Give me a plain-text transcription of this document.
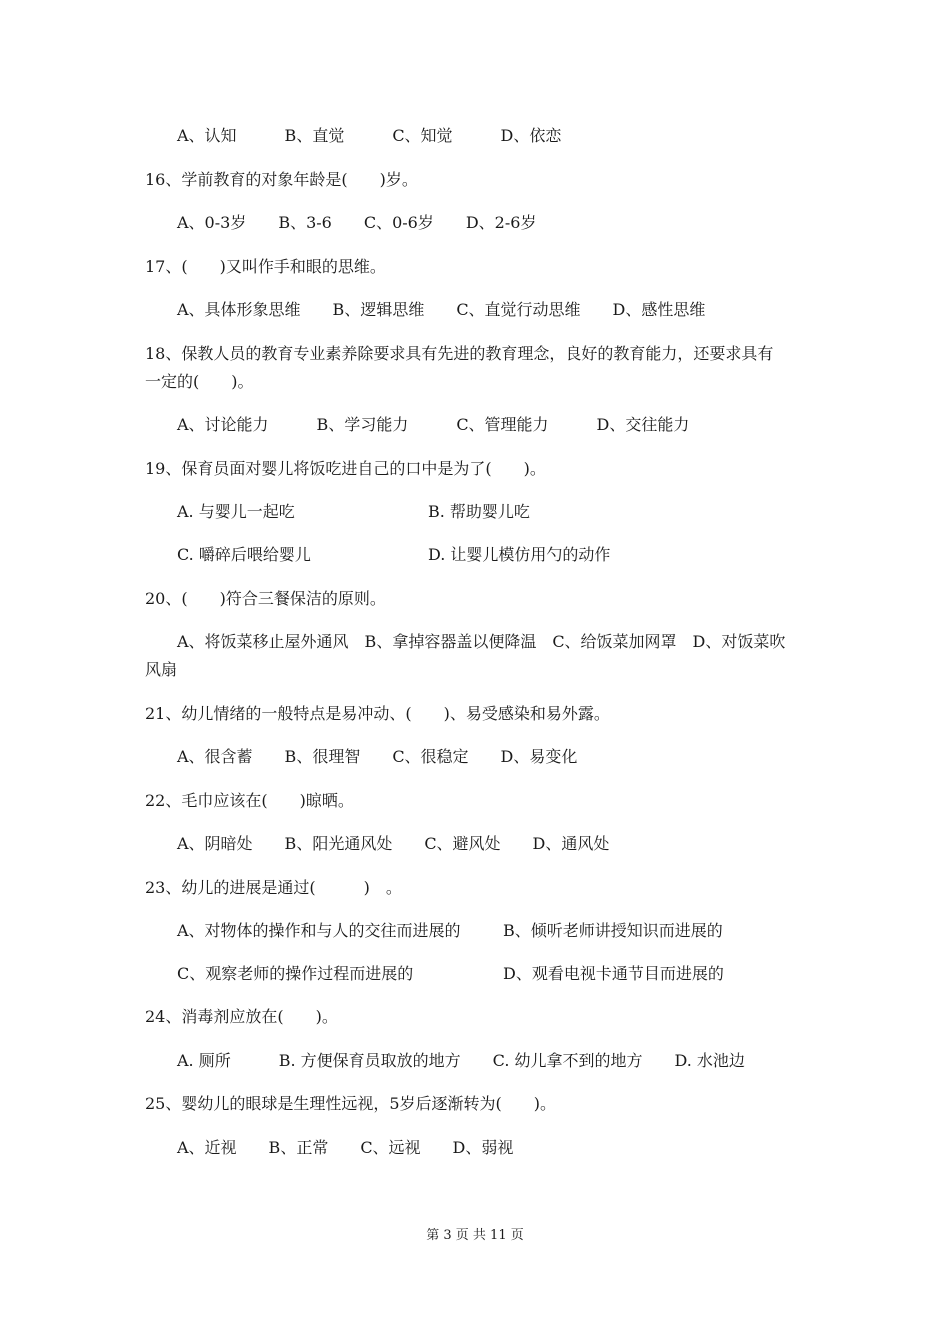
A、认知　　　B、直觉　　　C、知觉　　　D、依恋
16、学前教育的对象年龄是(　　)岁。
A、0-3岁　　B、3-6　　C、0-6岁　　D、2-6岁
17、(　　)又叫作手和眼的思维。
A、具体形象思维　　B、逻辑思维　　C、直觉行动思维　　D、感性思维
18、保教人员的教育专业素养除要求具有先进的教育理念，良好的教育能力，还要求具有
一定的(　　)。
A、讨论能力　　　B、学习能力　　　C、管理能力　　　D、交往能力
19、保育员面对婴儿将饭吃进自己的口中是为了(　　)。
A. 与婴儿一起吃	B. 帮助婴儿吃
C. 嚼碎后喂给婴儿	D. 让婴儿模仿用勺的动作
20、(　　)符合三餐保洁的原则。
A、将饭菜移止屋外通风　B、拿掉容器盖以便降温　C、给饭菜加网罩　D、对饭菜吹
风扇
21、幼儿情绪的一般特点是易冲动、(　　)、易受感染和易外露。
A、很含蓄　　B、很理智　　C、很稳定　　D、易变化
22、毛巾应该在(　　)晾晒。
A、阴暗处　　B、阳光通风处　　C、避风处　　D、通风处
23、幼儿的进展是通过(　　　)　。
A、对物体的操作和与人的交往而进展的	B、倾听老师讲授知识而进展的
C、观察老师的操作过程而进展的	D、观看电视卡通节目而进展的
24、消毒剂应放在(　　)。
A. 厕所　　　B. 方便保育员取放的地方　　C. 幼儿拿不到的地方　　D. 水池边
25、婴幼儿的眼球是生理性远视，5岁后逐渐转为(　　)。
A、近视　　B、正常　　C、远视　　D、弱视
第 3 页 共 11 页
